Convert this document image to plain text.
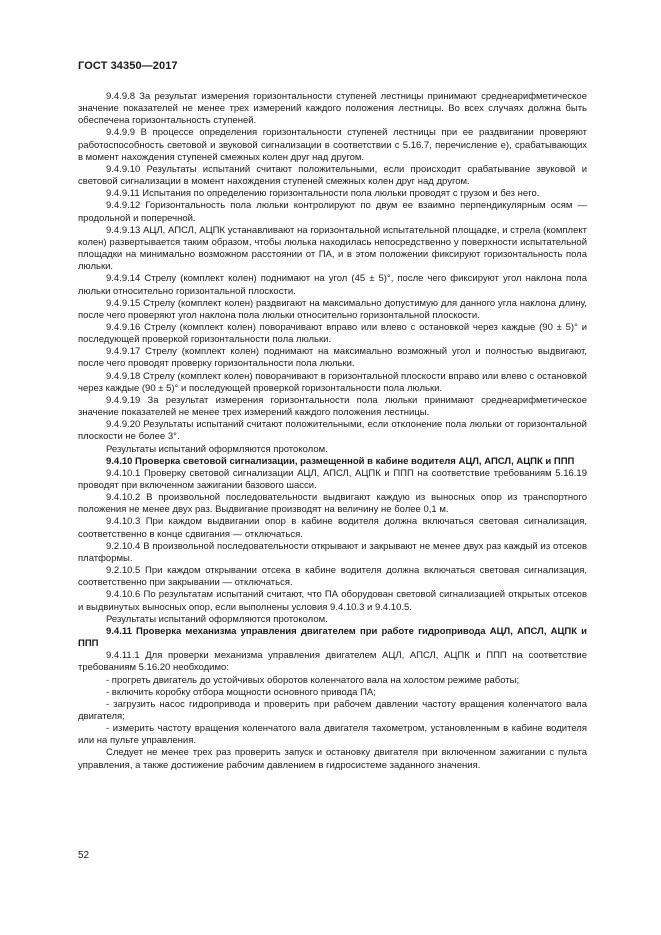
ГОСТ 34350—2017

9.4.9.8 За результат измерения горизонтальности ступеней лестницы принимают среднеарифметическое значение показателей не менее трех измерений каждого положения лестницы. Во всех случаях должна быть обеспечена горизонтальность ступеней.

9.4.9.9 В процессе определения горизонтальности ступеней лестницы при ее раздвигании проверяют работоспособность световой и звуковой сигнализации в соответствии с 5.16.7, перечисление е), срабатывающих в момент нахождения ступеней смежных колен друг над другом.

9.4.9.10 Результаты испытаний считают положительными, если происходит срабатывание звуковой и световой сигнализации в момент нахождения ступеней смежных колен друг над другом.

9.4.9.11 Испытания по определению горизонтальности пола люльки проводят с грузом и без него.

9.4.9.12 Горизонтальность пола люльки контролируют по двум ее взаимно перпендикулярным осям — продольной и поперечной.

9.4.9.13 АЦЛ, АПСЛ, АЦПК устанавливают на горизонтальной испытательной площадке, и стрела (комплект колен) развертывается таким образом, чтобы люлька находилась непосредственно у поверхности испытательной площадки на минимально возможном расстоянии от ПА, и в этом положении фиксируют горизонтальность пола люльки.

9.4.9.14 Стрелу (комплект колен) поднимают на угол (45 ± 5)°, после чего фиксируют угол наклона пола люльки относительно горизонтальной плоскости.

9.4.9.15 Стрелу (комплект колен) раздвигают на максимально допустимую для данного угла наклона длину, после чего проверяют угол наклона пола люльки относительно горизонтальной плоскости.

9.4.9.16 Стрелу (комплект колен) поворачивают вправо или влево с остановкой через каждые (90 ± 5)° и последующей проверкой горизонтальности пола люльки.

9.4.9.17 Стрелу (комплект колен) поднимают на максимально возможный угол и полностью выдвигают, после чего проводят проверку горизонтальности пола люльки.

9.4.9.18 Стрелу (комплект колен) поворачивают в горизонтальной плоскости вправо или влево с остановкой через каждые (90 ± 5)° и последующей проверкой горизонтальности пола люльки.

9.4.9.19 За результат измерения горизонтальности пола люльки принимают среднеарифметическое значение показателей не менее трех измерений каждого положения лестницы.

9.4.9.20 Результаты испытаний считают положительными, если отклонение пола люльки от горизонтальной плоскости не более 3°.

Результаты испытаний оформляются протоколом.

9.4.10 Проверка световой сигнализации, размещенной в кабине водителя АЦЛ, АПСЛ, АЦПК и ППП

9.4.10.1 Проверку световой сигнализации АЦЛ, АПСЛ, АЦПК и ППП на соответствие требованиям 5.16.19 проводят при включенном зажигании базового шасси.

9.4.10.2 В произвольной последовательности выдвигают каждую из выносных опор из транспортного положения не менее двух раз. Выдвигание производят на величину не более 0,1 м.

9.4.10.3 При каждом выдвигании опор в кабине водителя должна включаться световая сигнализация, соответственно в конце сдвигания — отключаться.

9.2.10.4 В произвольной последовательности открывают и закрывают не менее двух раз каждый из отсеков платформы.

9.2.10.5 При каждом открывании отсека в кабине водителя должна включаться световая сигнализация, соответственно при закрывании — отключаться.

9.4.10.6 По результатам испытаний считают, что ПА оборудован световой сигнализацией открытых отсеков и выдвинутых выносных опор, если выполнены условия 9.4.10.3 и 9.4.10.5.

Результаты испытаний оформляются протоколом.

9.4.11 Проверка механизма управления двигателем при работе гидропривода АЦЛ, АПСЛ, АЦПК и ППП

9.4.11.1 Для проверки механизма управления двигателем АЦЛ, АПСЛ, АЦПК и ППП на соответствие требованиям 5.16.20 необходимо:

- прогреть двигатель до устойчивых оборотов коленчатого вала на холостом режиме работы;

- включить коробку отбора мощности основного привода ПА;

- загрузить насос гидропривода и проверить при рабочем давлении частоту вращения коленчатого вала двигателя;

- измерить частоту вращения коленчатого вала двигателя тахометром, установленным в кабине водителя или на пульте управления.

Следует не менее трех раз проверить запуск и остановку двигателя при включенном зажигании с пульта управления, а также достижение рабочим давлением в гидросистеме заданного значения.

52
